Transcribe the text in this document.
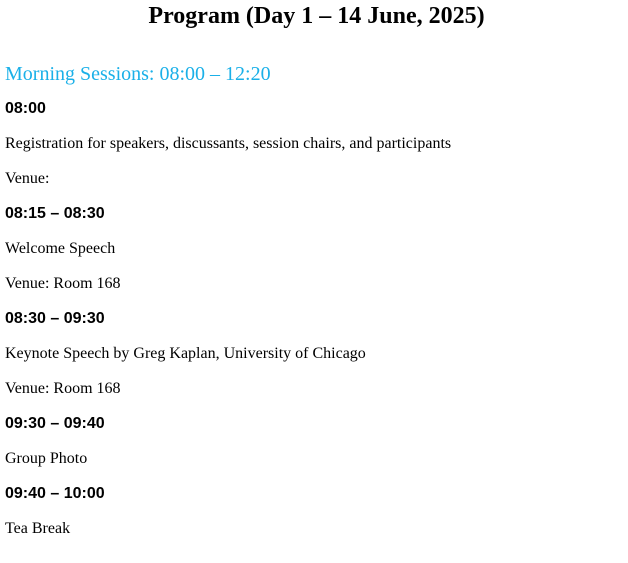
Program (Day 1 – 14 June, 2025)
Morning Sessions: 08:00 – 12:20
08:00
Registration for speakers, discussants, session chairs, and participants
Venue:
08:15 – 08:30
Welcome Speech
Venue: Room 168
08:30 – 09:30
Keynote Speech by Greg Kaplan, University of Chicago
Venue: Room 168
09:30 – 09:40
Group Photo
09:40 – 10:00
Tea Break
